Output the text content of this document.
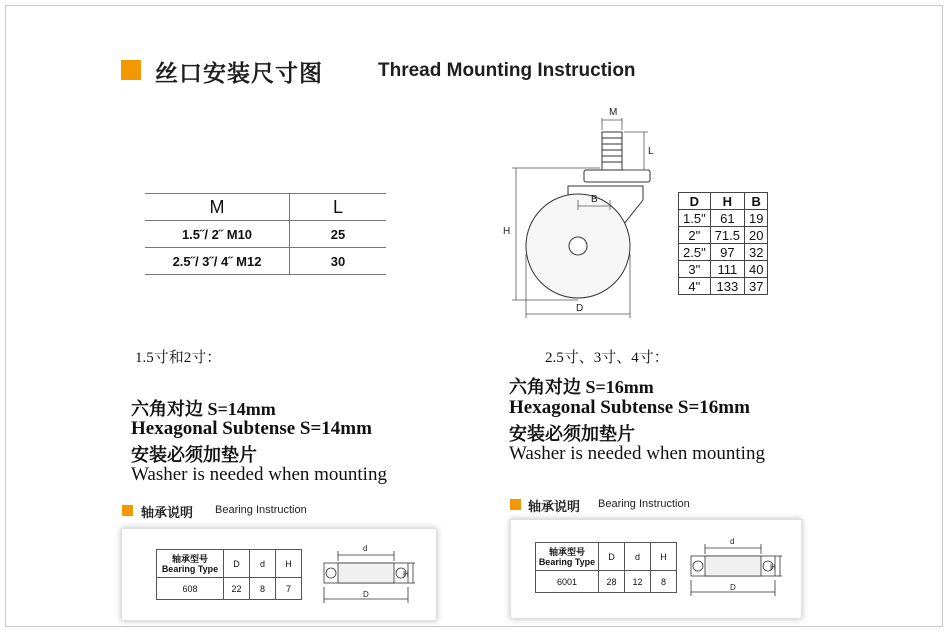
丝口安装尺寸图	Thread Mounting Instruction
M	L
1.5˝/ 2˝ M10	25
2.5˝/ 3˝/ 4˝ M12	30
M
L
B
H
D
D	H	B
1.5"	61	19
2"	71.5	20
2.5"	97	32
3"	111	40
4"	133	37
1.5寸和2寸：
六角对边 S=14mm
Hexagonal Subtense S=14mm
安装必须加垫片
Washer is needed when mounting
2.5寸、3寸、4寸：
六角对边 S=16mm
Hexagonal Subtense S=16mm
安装必须加垫片
Washer is needed when mounting
轴承说明 Bearing Instruction
轴承型号
Bearing Type	D	d	H
608	22	8	7
d
D
H
轴承说明 Bearing Instruction
轴承型号
Bearing Type	D	d	H
6001	28	12	8
d
D
H
